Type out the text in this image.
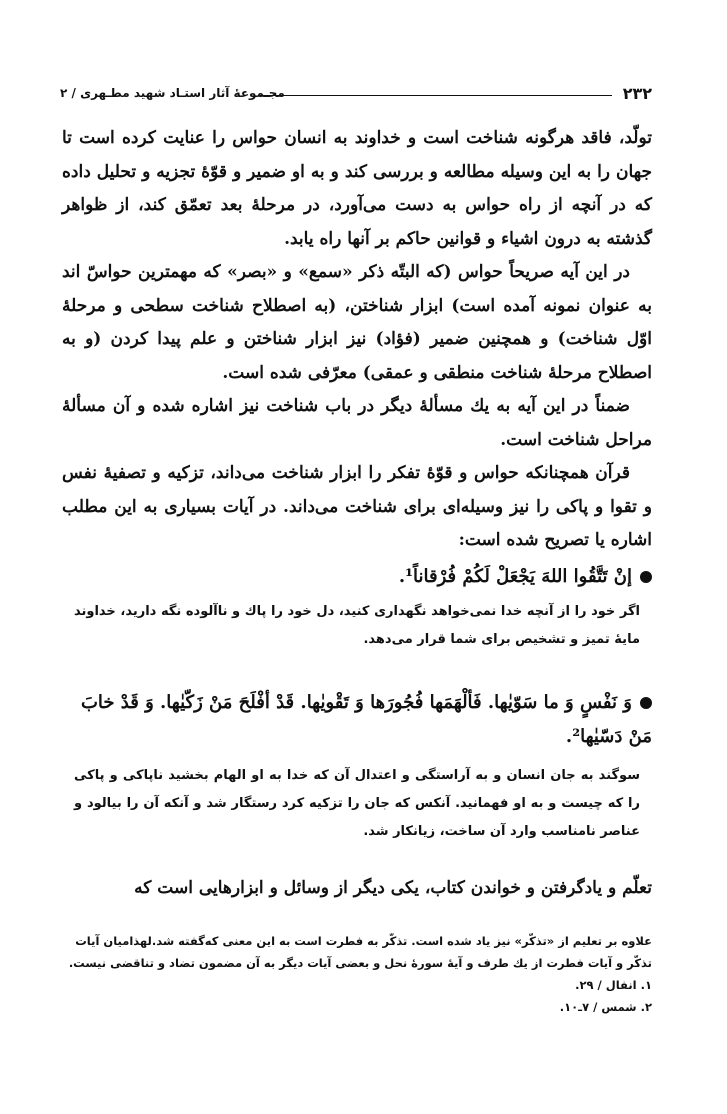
۲۳۲
مجـموعهٔ آثار استـاد شهید مطـهری / ۲

تولّد، فاقد هرگونه شناخت است و خداوند به انسان حواس را عنایت کرده است تا جهان را به این وسیله مطالعه و بررسی کند و به او ضمیر و قوّهٔ تجزیه و تحلیل داده که در آنچه از راه حواس به دست می‌آورد، در مرحلهٔ بعد تعمّق کند، از ظواهر گذشته به درون اشیاء و قوانین حاکم بر آنها راه یابد.

در این آیه صریحاً حواس (که البتّه ذکر «سمع» و «بصر» که مهمترین حواسّ اند به عنوان نمونه آمده است) ابزار شناختن، (به اصطلاح شناخت سطحی و مرحلهٔ اوّل شناخت) و همچنین ضمیر (فؤاد) نیز ابزار شناختن و علم پیدا کردن (و به اصطلاح مرحلهٔ شناخت منطقی و عمقی) معرّفی شده است.

ضمناً در این آیه به یك مسألهٔ دیگر در باب شناخت نیز اشاره شده و آن مسألهٔ مراحل شناخت است.

قرآن همچنانکه حواس و قوّهٔ تفکر را ابزار شناخت می‌داند، تزکیه و تصفیهٔ نفس و تقوا و پاکی را نیز وسیله‌ای برای شناخت می‌داند. در آیات بسیاری به این مطلب اشاره یا تصریح شده است:

إنْ تَتَّقُوا اللهَ يَجْعَلْ لَكُمْ فُرْقاناً¹.
اگر خود را از آنچه خدا نمی‌خواهد نگهداری کنید، دل خود را پاك و ناآلوده نگه دارید، خداوند مایهٔ تمیز و تشخیص برای شما قرار می‌دهد.
وَ نَفْسٍ وَ ما سَوّيٰها. فَألْهَمَها فُجُورَها وَ تَقْويٰها. قَدْ أفْلَحَ مَنْ زَكّيٰها. وَ قَدْ خابَ مَنْ دَسّيٰها².
سوگند به جان انسان و به آراستگی و اعتدال آن که خدا به او الهام بخشید ناپاکی و پاکی را که چیست و به او فهمانید. آنکس که جان را تزکیه کرد رستگار شد و آنکه آن را بیالود و عناصر نامناسب وارد آن ساخت، زیانکار شد.
تعلّم و یادگرفتن و خواندن کتاب، یکی دیگر از وسائل و ابزارهایی است که
علاوه بر تعلیم از «تذکّر» نیز یاد شده است. تذکّر به فطرت است به این معنی که‌گفته شد.لهذامیان آیات تذکّر و آیات فطرت از یك طرف و آیهٔ سورهٔ نحل و بعضی آیات دیگر به آن مضمون تضاد و تناقضی نیست.
۱. انفال / ۲۹.
۲. شمس / ۷ـ۱۰.
